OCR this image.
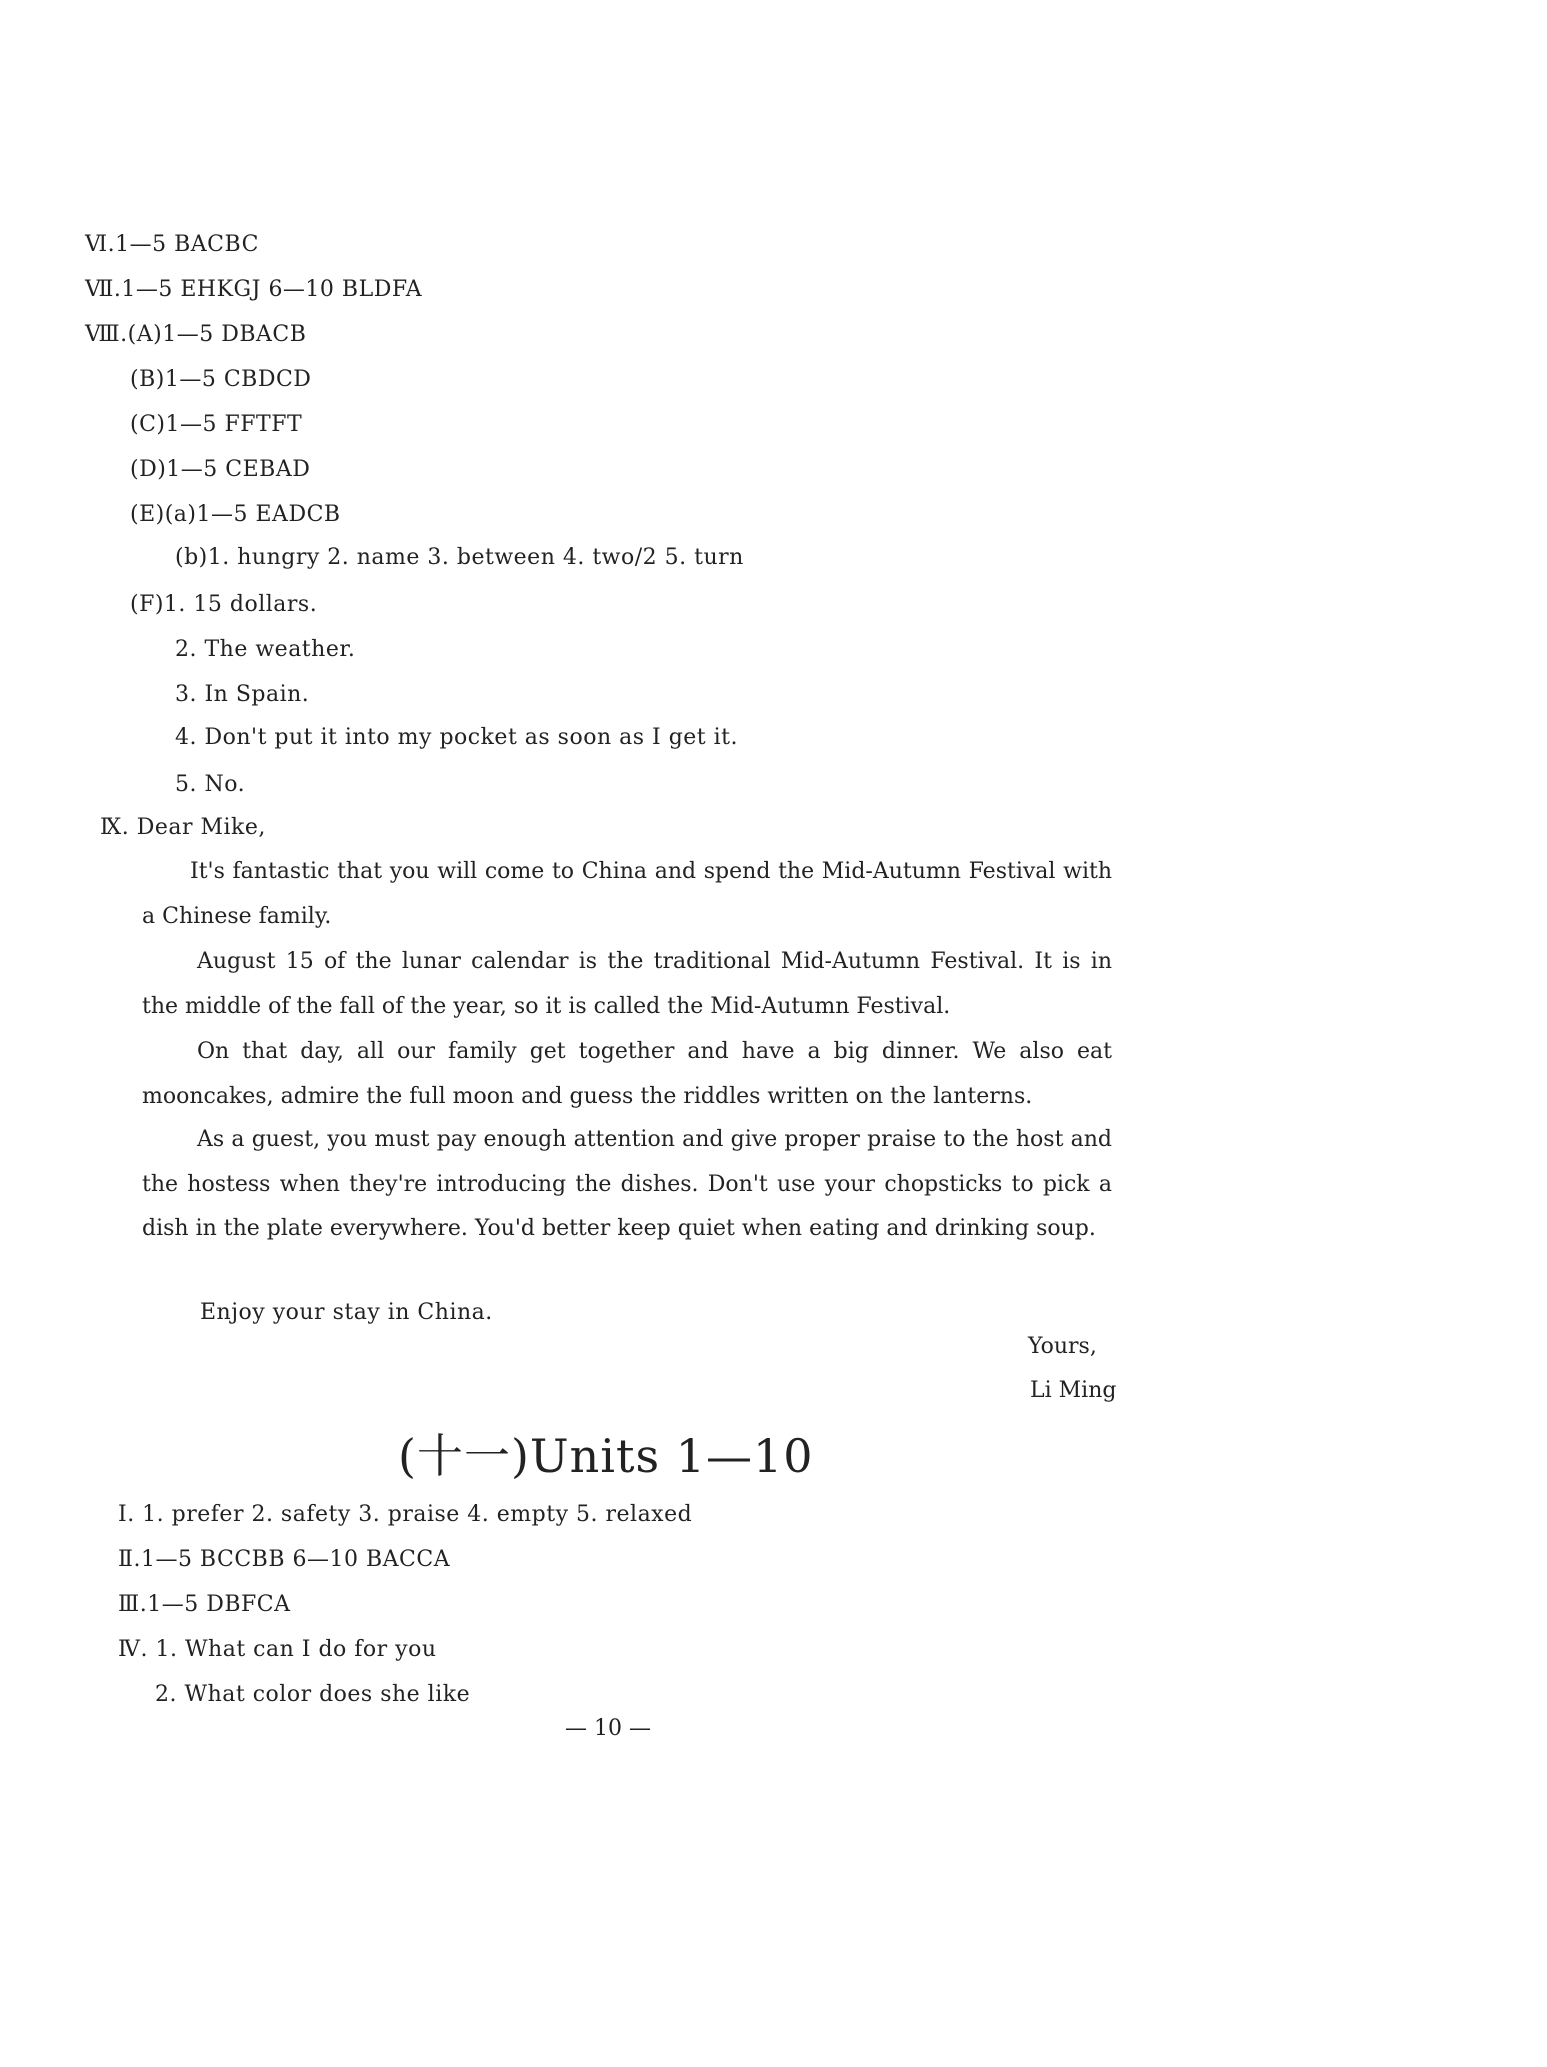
Ⅵ.1—5 BACBC
Ⅶ.1—5 EHKGJ 6—10 BLDFA
Ⅷ.(A)1—5 DBACB
(B)1—5 CBDCD
(C)1—5 FFTFT
(D)1—5 CEBAD
(E)(a)1—5 EADCB
(b)1. hungry 2. name 3. between 4. two/2 5. turn
(F)1. 15 dollars.
2. The weather.
3. In Spain.
4. Don't put it into my pocket as soon as I get it.
5. No.
Ⅸ. Dear Mike,
It's fantastic that you will come to China and spend the Mid-Autumn Festival with a Chinese family.
August 15 of the lunar calendar is the traditional Mid-Autumn Festival. It is in the middle of the fall of the year, so it is called the Mid-Autumn Festival.
On that day, all our family get together and have a big dinner. We also eat mooncakes, admire the full moon and guess the riddles written on the lanterns.
As a guest, you must pay enough attention and give proper praise to the host and the hostess when they're introducing the dishes. Don't use your chopsticks to pick a dish in the plate everywhere. You'd better keep quiet when eating and drinking soup.
Enjoy your stay in China.
Yours,
Li Ming
(十一)Units 1—10
Ⅰ. 1. prefer 2. safety 3. praise 4. empty 5. relaxed
Ⅱ.1—5 BCCBB 6—10 BACCA
Ⅲ.1—5 DBFCA
Ⅳ. 1. What can I do for you
2. What color does she like
— 10 —
